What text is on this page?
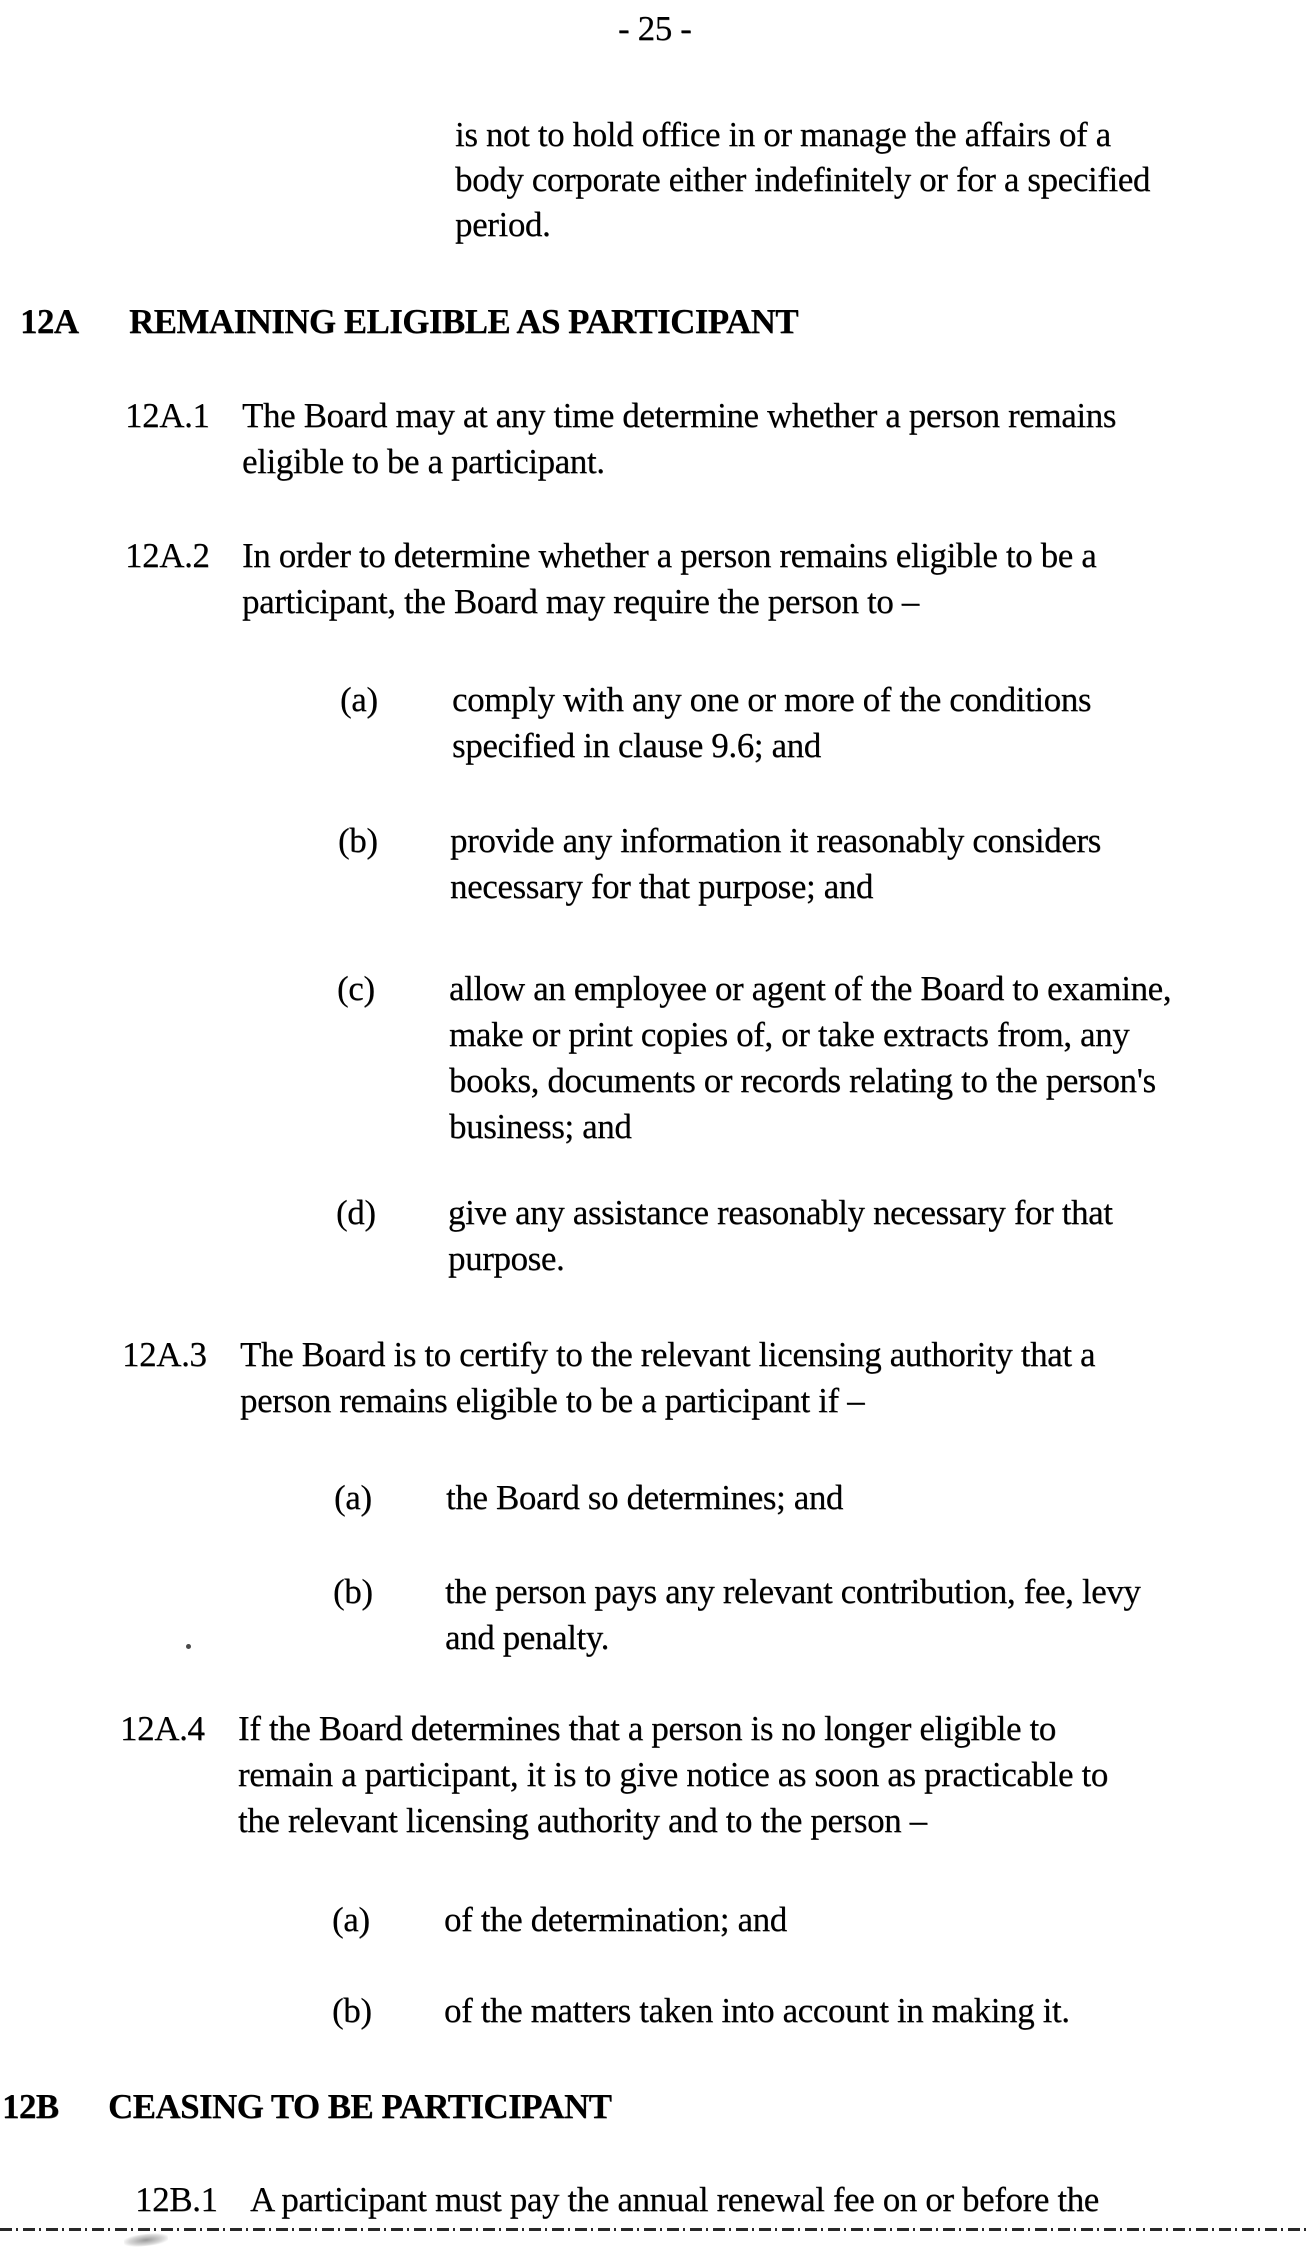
- 25 -
is not to hold office in or manage the affairs of a
body corporate either indefinitely or for a specified
period.
12A REMAINING ELIGIBLE AS PARTICIPANT
12A.1 The Board may at any time determine whether a person remains
eligible to be a participant.
12A.2 In order to determine whether a person remains eligible to be a
participant, the Board may require the person to –
(a) comply with any one or more of the conditions
specified in clause 9.6; and
(b) provide any information it reasonably considers
necessary for that purpose; and
(c) allow an employee or agent of the Board to examine,
make or print copies of, or take extracts from, any
books, documents or records relating to the person's
business; and
(d) give any assistance reasonably necessary for that
purpose.
12A.3 The Board is to certify to the relevant licensing authority that a
person remains eligible to be a participant if –
(a) the Board so determines; and
(b) the person pays any relevant contribution, fee, levy
and penalty.
12A.4 If the Board determines that a person is no longer eligible to
remain a participant, it is to give notice as soon as practicable to
the relevant licensing authority and to the person –
(a) of the determination; and
(b) of the matters taken into account in making it.
12B CEASING TO BE PARTICIPANT
12B.1 A participant must pay the annual renewal fee on or before the
